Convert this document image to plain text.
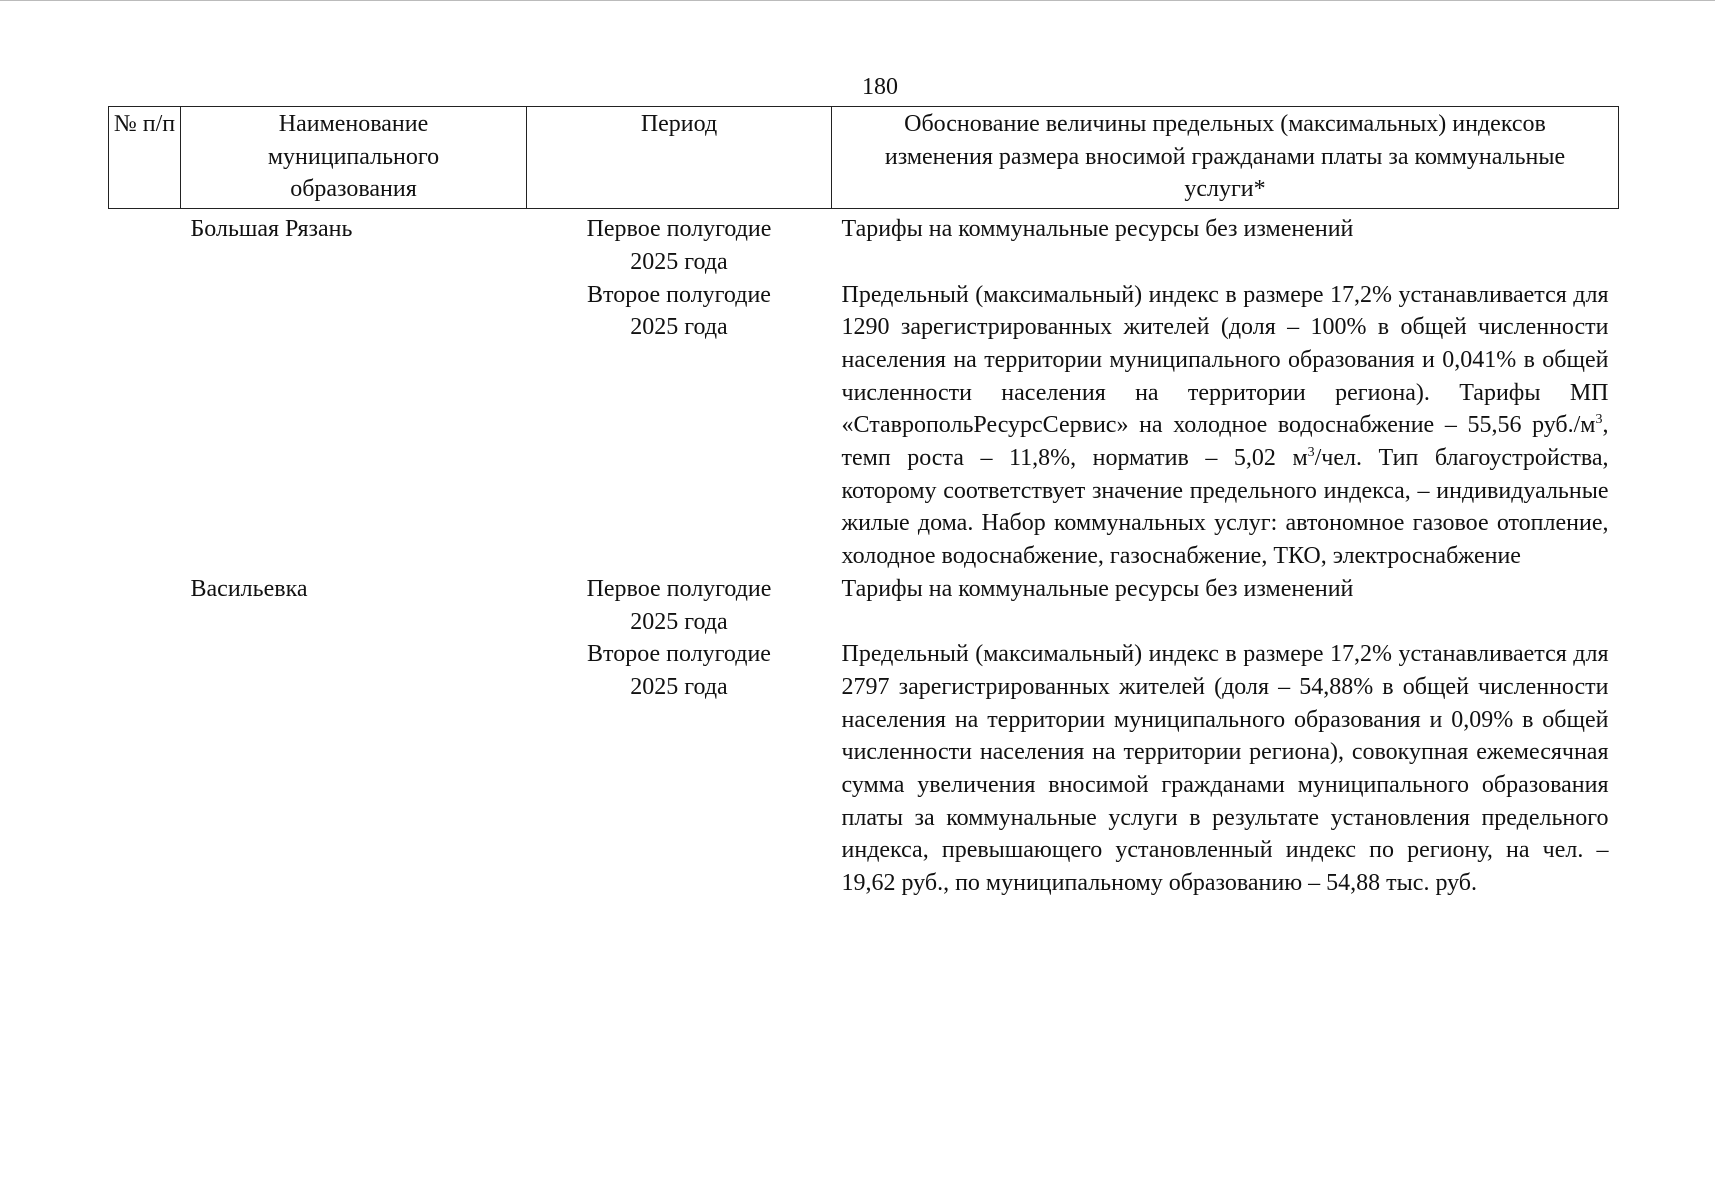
180
№ п/п	Наименование муниципального образования	Период	Обоснование величины предельных (максимальных) индексов изменения размера вносимой гражданами платы за коммунальные услуги*
	Большая Рязань	Первое полугодие 2025 года	Тарифы на коммунальные ресурсы без изменений

		Второе полугодие 2025 года	Предельный (максимальный) индекс в размере 17,2% устанавливается для 1290 зарегистрированных жителей (доля – 100% в общей численности населения на территории муниципального образования и 0,041% в общей численности населения на территории региона). Тарифы МП «СтавропольРесурсСервис» на холодное водоснабжение – 55,56 $руб./м^3$, темп роста – 11,8%, норматив – 5,02 $м^3$/чел. Тип благоустройства, которому соответствует значение предельного индекса, – индивидуальные жилые дома. Набор коммунальных услуг: автономное газовое отопление, холодное водоснабжение, газоснабжение, ТКО, электроснабжение

	Васильевка	Первое полугодие 2025 года	Тарифы на коммунальные ресурсы без изменений

		Второе полугодие 2025 года	Предельный (максимальный) индекс в размере 17,2% устанавливается для 2797 зарегистрированных жителей (доля – 54,88% в общей численности населения на территории муниципального образования и 0,09% в общей численности населения на территории региона), совокупная ежемесячная сумма увеличения вносимой гражданами муниципального образования платы за коммунальные услуги в результате установления предельного индекса, превышающего установленный индекс по региону, на чел. – 19,62 руб., по муниципальному образованию – 54,88 тыс. руб.
